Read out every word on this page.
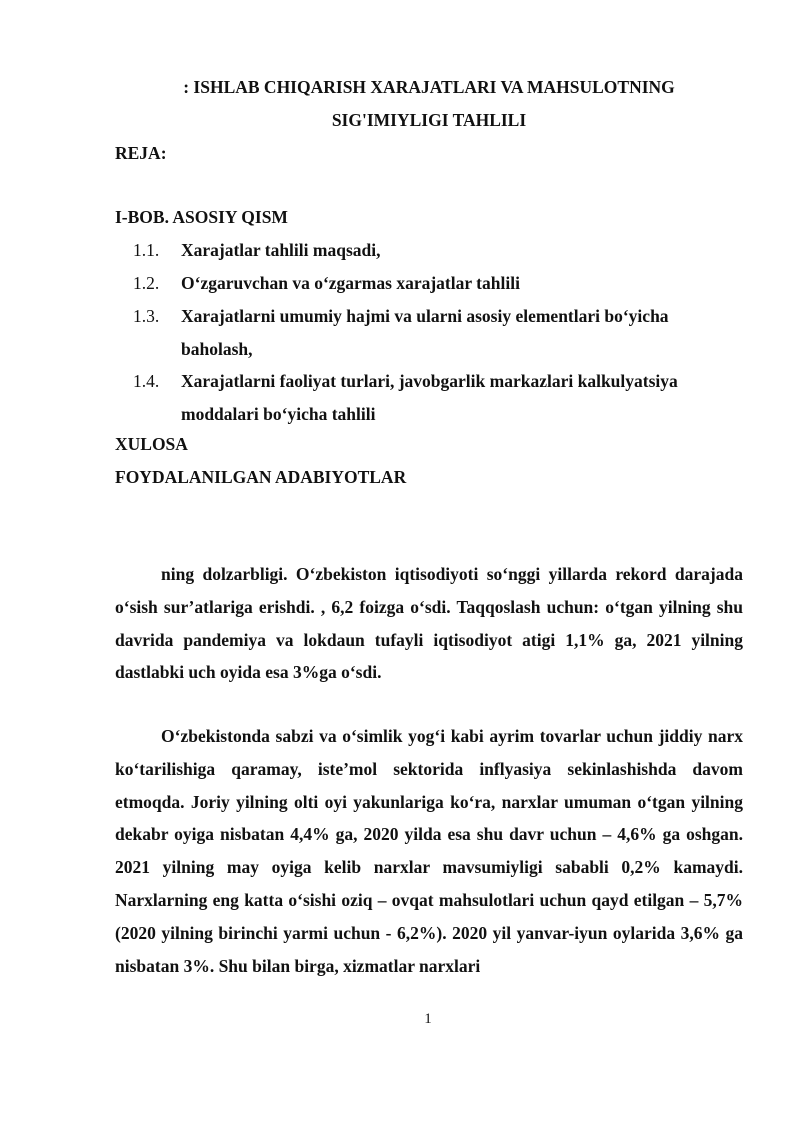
: ISHLAB CHIQARISH XARAJATLARI VA MAHSULOTNING
SIG'IMIYLIGI TAHLILI
REJA:
I-BOB. ASOSIY QISM
1.1. Xarajatlar tahlili maqsadi,
1.2. O‘zgaruvchan va o‘zgarmas xarajatlar tahlili
1.3. Xarajatlarni umumiy hajmi va ularni asosiy elementlari bo‘yicha baholash,
1.4. Xarajatlarni faoliyat turlari, javobgarlik markazlari kalkulyatsiya moddalari bo‘yicha tahlili
XULOSA
FOYDALANILGAN ADABIYOTLAR
ning dolzarbligi. O‘zbekiston iqtisodiyoti so‘nggi yillarda rekord darajada o‘sish sur’atlariga erishdi. , 6,2 foizga o‘sdi. Taqqoslash uchun: o‘tgan yilning shu davrida pandemiya va lokdaun tufayli iqtisodiyot atigi 1,1% ga, 2021 yilning dastlabki uch oyida esa 3%ga o‘sdi.
O‘zbekistonda sabzi va o‘simlik yog‘i kabi ayrim tovarlar uchun jiddiy narx ko‘tarilishiga qaramay, iste’mol sektorida inflyasiya sekinlashishda davom etmoqda. Joriy yilning olti oyi yakunlariga ko‘ra, narxlar umuman o‘tgan yilning dekabr oyiga nisbatan 4,4% ga, 2020 yilda esa shu davr uchun – 4,6% ga oshgan. 2021 yilning may oyiga kelib narxlar mavsumiyligi sababli 0,2% kamaydi. Narxlarning eng katta o‘sishi oziq – ovqat mahsulotlari uchun qayd etilgan – 5,7% (2020 yilning birinchi yarmi uchun - 6,2%). 2020 yil yanvar-iyun oylarida 3,6% ga nisbatan 3%. Shu bilan birga, xizmatlar narxlari
1
